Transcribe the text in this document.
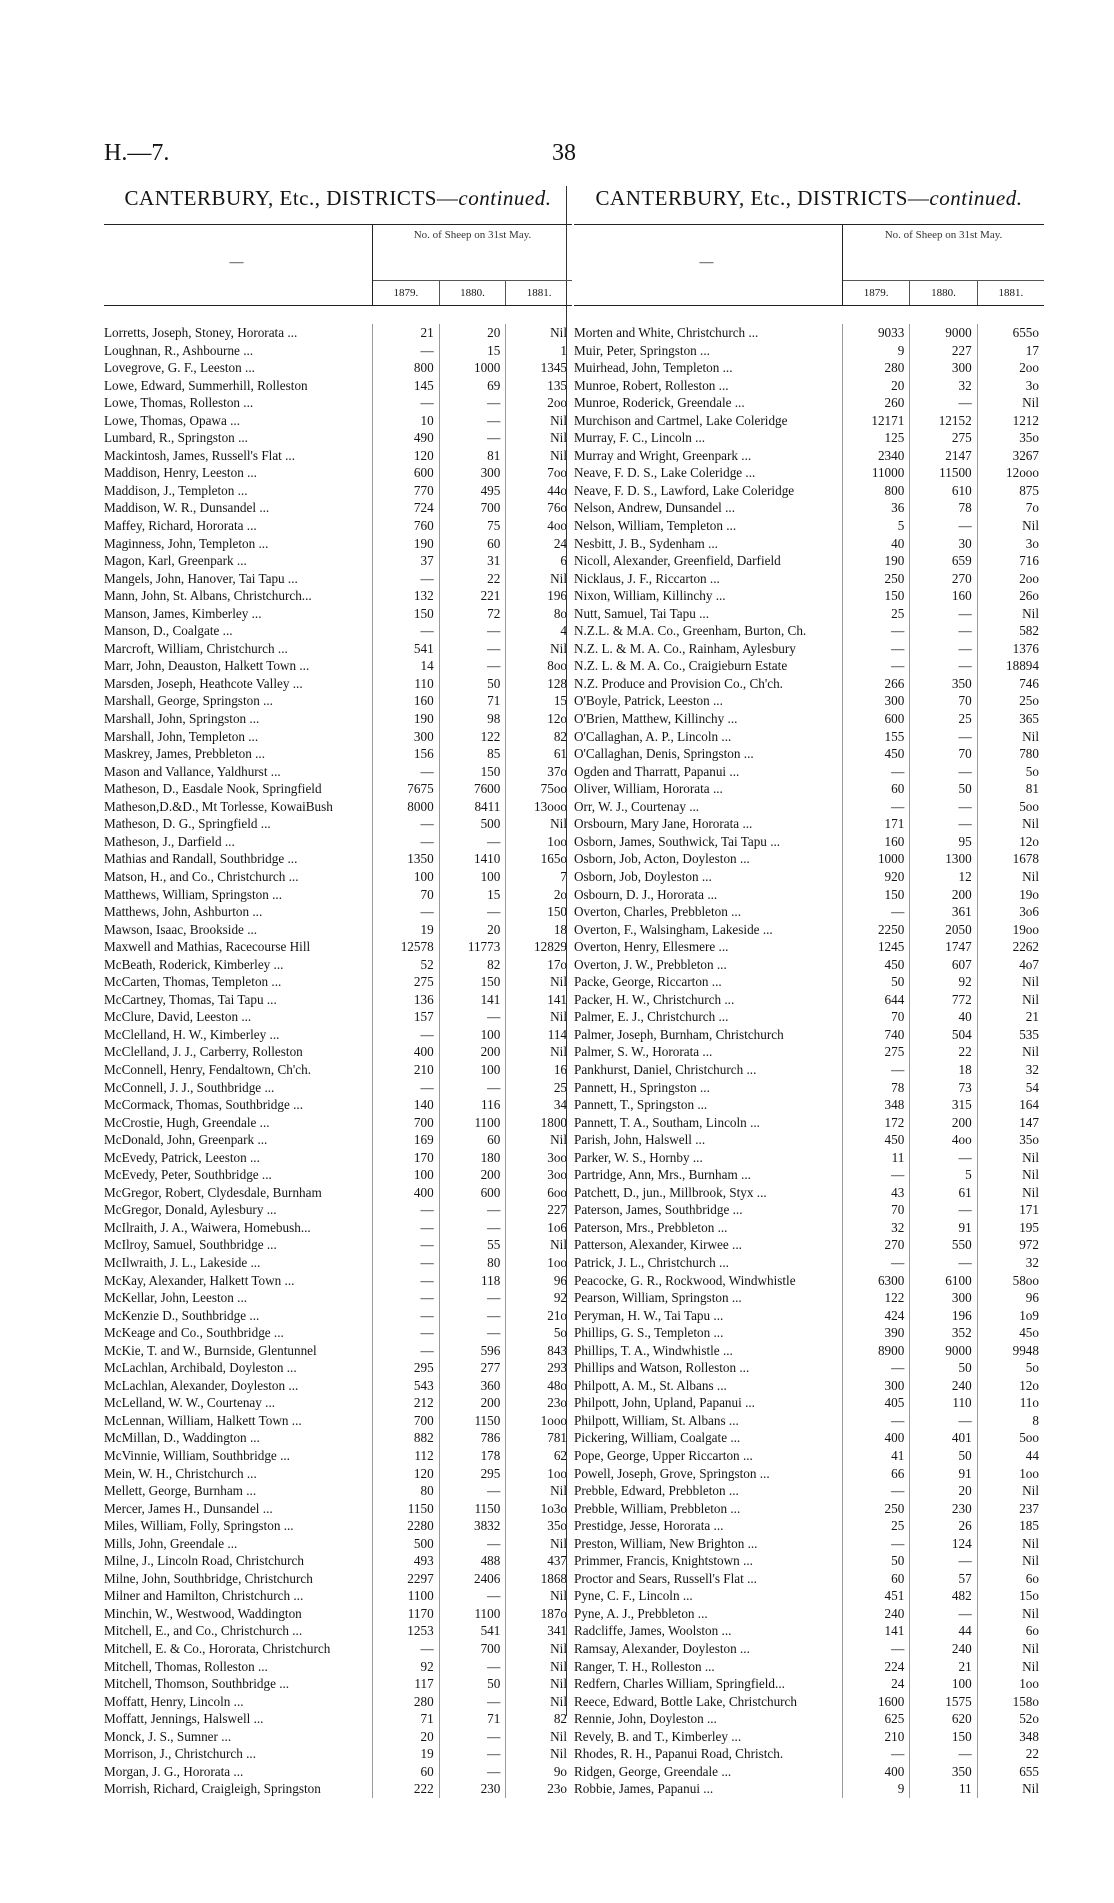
H.—7.	38
CANTERBURY, Etc., DISTRICTS—continued.
—
No. of Sheep on 31st May.
1879.	1880.	1881.
Lorretts, Joseph, Stoney, Hororata ...	21	20	Nil
Loughnan, R., Ashbourne ...	—	15	1
Lovegrove, G. F., Leeston ...	800	1000	1345
Lowe, Edward, Summerhill, Rolleston	145	69	135
Lowe, Thomas, Rolleston ...	—	—	2oo
Lowe, Thomas, Opawa ...	10	—	Nil
Lumbard, R., Springston ...	490	—	Nil
Mackintosh, James, Russell's Flat ...	120	81	Nil
Maddison, Henry, Leeston ...	600	300	7oo
Maddison, J., Templeton ...	770	495	44o
Maddison, W. R., Dunsandel ...	724	700	76o
Maffey, Richard, Hororata ...	760	75	4oo
Maginness, John, Templeton ...	190	60	24
Magon, Karl, Greenpark ...	37	31	6
Mangels, John, Hanover, Tai Tapu ...	—	22	Nil
Mann, John, St. Albans, Christchurch...	132	221	196
Manson, James, Kimberley ...	150	72	8o
Manson, D., Coalgate ...	—	—	4
Marcroft, William, Christchurch ...	541	—	Nil
Marr, John, Deauston, Halkett Town ...	14	—	8oo
Marsden, Joseph, Heathcote Valley ...	110	50	128
Marshall, George, Springston ...	160	71	15
Marshall, John, Springston ...	190	98	12o
Marshall, John, Templeton ...	300	122	82
Maskrey, James, Prebbleton ...	156	85	61
Mason and Vallance, Yaldhurst ...	—	150	37o
Matheson, D., Easdale Nook, Springfield	7675	7600	75oo
Matheson,D.&D., Mt Torlesse, KowaiBush	8000	8411	13ooo
Matheson, D. G., Springfield ...	—	500	Nil
Matheson, J., Darfield ...	—	—	1oo
Mathias and Randall, Southbridge ...	1350	1410	165o
Matson, H., and Co., Christchurch ...	100	100	7
Matthews, William, Springston ...	70	15	2o
Matthews, John, Ashburton ...	—	—	150
Mawson, Isaac, Brookside ...	19	20	18
Maxwell and Mathias, Racecourse Hill	12578	11773	12829
McBeath, Roderick, Kimberley ...	52	82	17o
McCarten, Thomas, Templeton ...	275	150	Nil
McCartney, Thomas, Tai Tapu ...	136	141	141
McClure, David, Leeston ...	157	—	Nil
McClelland, H. W., Kimberley ...	—	100	114
McClelland, J. J., Carberry, Rolleston	400	200	Nil
McConnell, Henry, Fendaltown, Ch'ch.	210	100	16
McConnell, J. J., Southbridge ...	—	—	25
McCormack, Thomas, Southbridge ...	140	116	34
McCrostie, Hugh, Greendale ...	700	1100	1800
McDonald, John, Greenpark ...	169	60	Nil
McEvedy, Patrick, Leeston ...	170	180	3oo
McEvedy, Peter, Southbridge ...	100	200	3oo
McGregor, Robert, Clydesdale, Burnham	400	600	6oo
McGregor, Donald, Aylesbury ...	—	—	227
McIlraith, J. A., Waiwera, Homebush...	—	—	1o6
McIlroy, Samuel, Southbridge ...	—	55	Nil
McIlwraith, J. L., Lakeside ...	—	80	1oo
McKay, Alexander, Halkett Town ...	—	118	96
McKellar, John, Leeston ...	—	—	92
McKenzie D., Southbridge ...	—	—	21o
McKeage and Co., Southbridge ...	—	—	5o
McKie, T. and W., Burnside, Glentunnel	—	596	843
McLachlan, Archibald, Doyleston ...	295	277	293
McLachlan, Alexander, Doyleston ...	543	360	48o
McLelland, W. W., Courtenay ...	212	200	23o
McLennan, William, Halkett Town ...	700	1150	1ooo
McMillan, D., Waddington ...	882	786	781
McVinnie, William, Southbridge ...	112	178	62
Mein, W. H., Christchurch ...	120	295	1oo
Mellett, George, Burnham ...	80	—	Nil
Mercer, James H., Dunsandel ...	1150	1150	1o3o
Miles, William, Folly, Springston ...	2280	3832	35o
Mills, John, Greendale ...	500	—	Nil
Milne, J., Lincoln Road, Christchurch	493	488	437
Milne, John, Southbridge, Christchurch	2297	2406	1868
Milner and Hamilton, Christchurch ...	1100	—	Nil
Minchin, W., Westwood, Waddington	1170	1100	187o
Mitchell, E., and Co., Christchurch ...	1253	541	341
Mitchell, E. & Co., Hororata, Christchurch	—	700	Nil
Mitchell, Thomas, Rolleston ...	92	—	Nil
Mitchell, Thomson, Southbridge ...	117	50	Nil
Moffatt, Henry, Lincoln ...	280	—	Nil
Moffatt, Jennings, Halswell ...	71	71	82
Monck, J. S., Sumner ...	20	—	Nil
Morrison, J., Christchurch ...	19	—	Nil
Morgan, J. G., Hororata ...	60	—	9o
Morrish, Richard, Craigleigh, Springston	222	230	23o
CANTERBURY, Etc., DISTRICTS—continued.
—
No. of Sheep on 31st May.
1879.	1880.	1881.
Morten and White, Christchurch ...	9033	9000	655o
Muir, Peter, Springston ...	9	227	17
Muirhead, John, Templeton ...	280	300	2oo
Munroe, Robert, Rolleston ...	20	32	3o
Munroe, Roderick, Greendale ...	260	—	Nil
Murchison and Cartmel, Lake Coleridge	12171	12152	1212
Murray, F. C., Lincoln ...	125	275	35o
Murray and Wright, Greenpark ...	2340	2147	3267
Neave, F. D. S., Lake Coleridge ...	11000	11500	12ooo
Neave, F. D. S., Lawford, Lake Coleridge	800	610	875
Nelson, Andrew, Dunsandel ...	36	78	7o
Nelson, William, Templeton ...	5	—	Nil
Nesbitt, J. B., Sydenham ...	40	30	3o
Nicoll, Alexander, Greenfield, Darfield	190	659	716
Nicklaus, J. F., Riccarton ...	250	270	2oo
Nixon, William, Killinchy ...	150	160	26o
Nutt, Samuel, Tai Tapu ...	25	—	Nil
N.Z.L. & M.A. Co., Greenham, Burton, Ch.	—	—	582
N.Z. L. & M. A. Co., Rainham, Aylesbury	—	—	1376
N.Z. L. & M. A. Co., Craigieburn Estate	—	—	18894
N.Z. Produce and Provision Co., Ch'ch.	266	350	746
O'Boyle, Patrick, Leeston ...	300	70	25o
O'Brien, Matthew, Killinchy ...	600	25	365
O'Callaghan, A. P., Lincoln ...	155	—	Nil
O'Callaghan, Denis, Springston ...	450	70	780
Ogden and Tharratt, Papanui ...	—	—	5o
Oliver, William, Hororata ...	60	50	81
Orr, W. J., Courtenay ...	—	—	5oo
Orsbourn, Mary Jane, Hororata ...	171	—	Nil
Osborn, James, Southwick, Tai Tapu ...	160	95	12o
Osborn, Job, Acton, Doyleston ...	1000	1300	1678
Osborn, Job, Doyleston ...	920	12	Nil
Osbourn, D. J., Hororata ...	150	200	19o
Overton, Charles, Prebbleton ...	—	361	3o6
Overton, F., Walsingham, Lakeside ...	2250	2050	19oo
Overton, Henry, Ellesmere ...	1245	1747	2262
Overton, J. W., Prebbleton ...	450	607	4o7
Packe, George, Riccarton ...	50	92	Nil
Packer, H. W., Christchurch ...	644	772	Nil
Palmer, E. J., Christchurch ...	70	40	21
Palmer, Joseph, Burnham, Christchurch	740	504	535
Palmer, S. W., Hororata ...	275	22	Nil
Pankhurst, Daniel, Christchurch ...	—	18	32
Pannett, H., Springston ...	78	73	54
Pannett, T., Springston ...	348	315	164
Pannett, T. A., Southam, Lincoln ...	172	200	147
Parish, John, Halswell ...	450	4oo	35o
Parker, W. S., Hornby ...	11	—	Nil
Partridge, Ann, Mrs., Burnham ...	—	5	Nil
Patchett, D., jun., Millbrook, Styx ...	43	61	Nil
Paterson, James, Southbridge ...	70	—	171
Paterson, Mrs., Prebbleton ...	32	91	195
Patterson, Alexander, Kirwee ...	270	550	972
Patrick, J. L., Christchurch ...	—	—	32
Peacocke, G. R., Rockwood, Windwhistle	6300	6100	58oo
Pearson, William, Springston ...	122	300	96
Peryman, H. W., Tai Tapu ...	424	196	1o9
Phillips, G. S., Templeton ...	390	352	45o
Phillips, T. A., Windwhistle ...	8900	9000	9948
Phillips and Watson, Rolleston ...	—	50	5o
Philpott, A. M., St. Albans ...	300	240	12o
Philpott, John, Upland, Papanui ...	405	110	11o
Philpott, William, St. Albans ...	—	—	8
Pickering, William, Coalgate ...	400	401	5oo
Pope, George, Upper Riccarton ...	41	50	44
Powell, Joseph, Grove, Springston ...	66	91	1oo
Prebble, Edward, Prebbleton ...	—	20	Nil
Prebble, William, Prebbleton ...	250	230	237
Prestidge, Jesse, Hororata ...	25	26	185
Preston, William, New Brighton ...	—	124	Nil
Primmer, Francis, Knightstown ...	50	—	Nil
Proctor and Sears, Russell's Flat ...	60	57	6o
Pyne, C. F., Lincoln ...	451	482	15o
Pyne, A. J., Prebbleton ...	240	—	Nil
Radcliffe, James, Woolston ...	141	44	6o
Ramsay, Alexander, Doyleston ...	—	240	Nil
Ranger, T. H., Rolleston ...	224	21	Nil
Redfern, Charles William, Springfield...	24	100	1oo
Reece, Edward, Bottle Lake, Christchurch	1600	1575	158o
Rennie, John, Doyleston ...	625	620	52o
Revely, B. and T., Kimberley ...	210	150	348
Rhodes, R. H., Papanui Road, Christch.	—	—	22
Ridgen, George, Greendale ...	400	350	655
Robbie, James, Papanui ...	9	11	Nil
